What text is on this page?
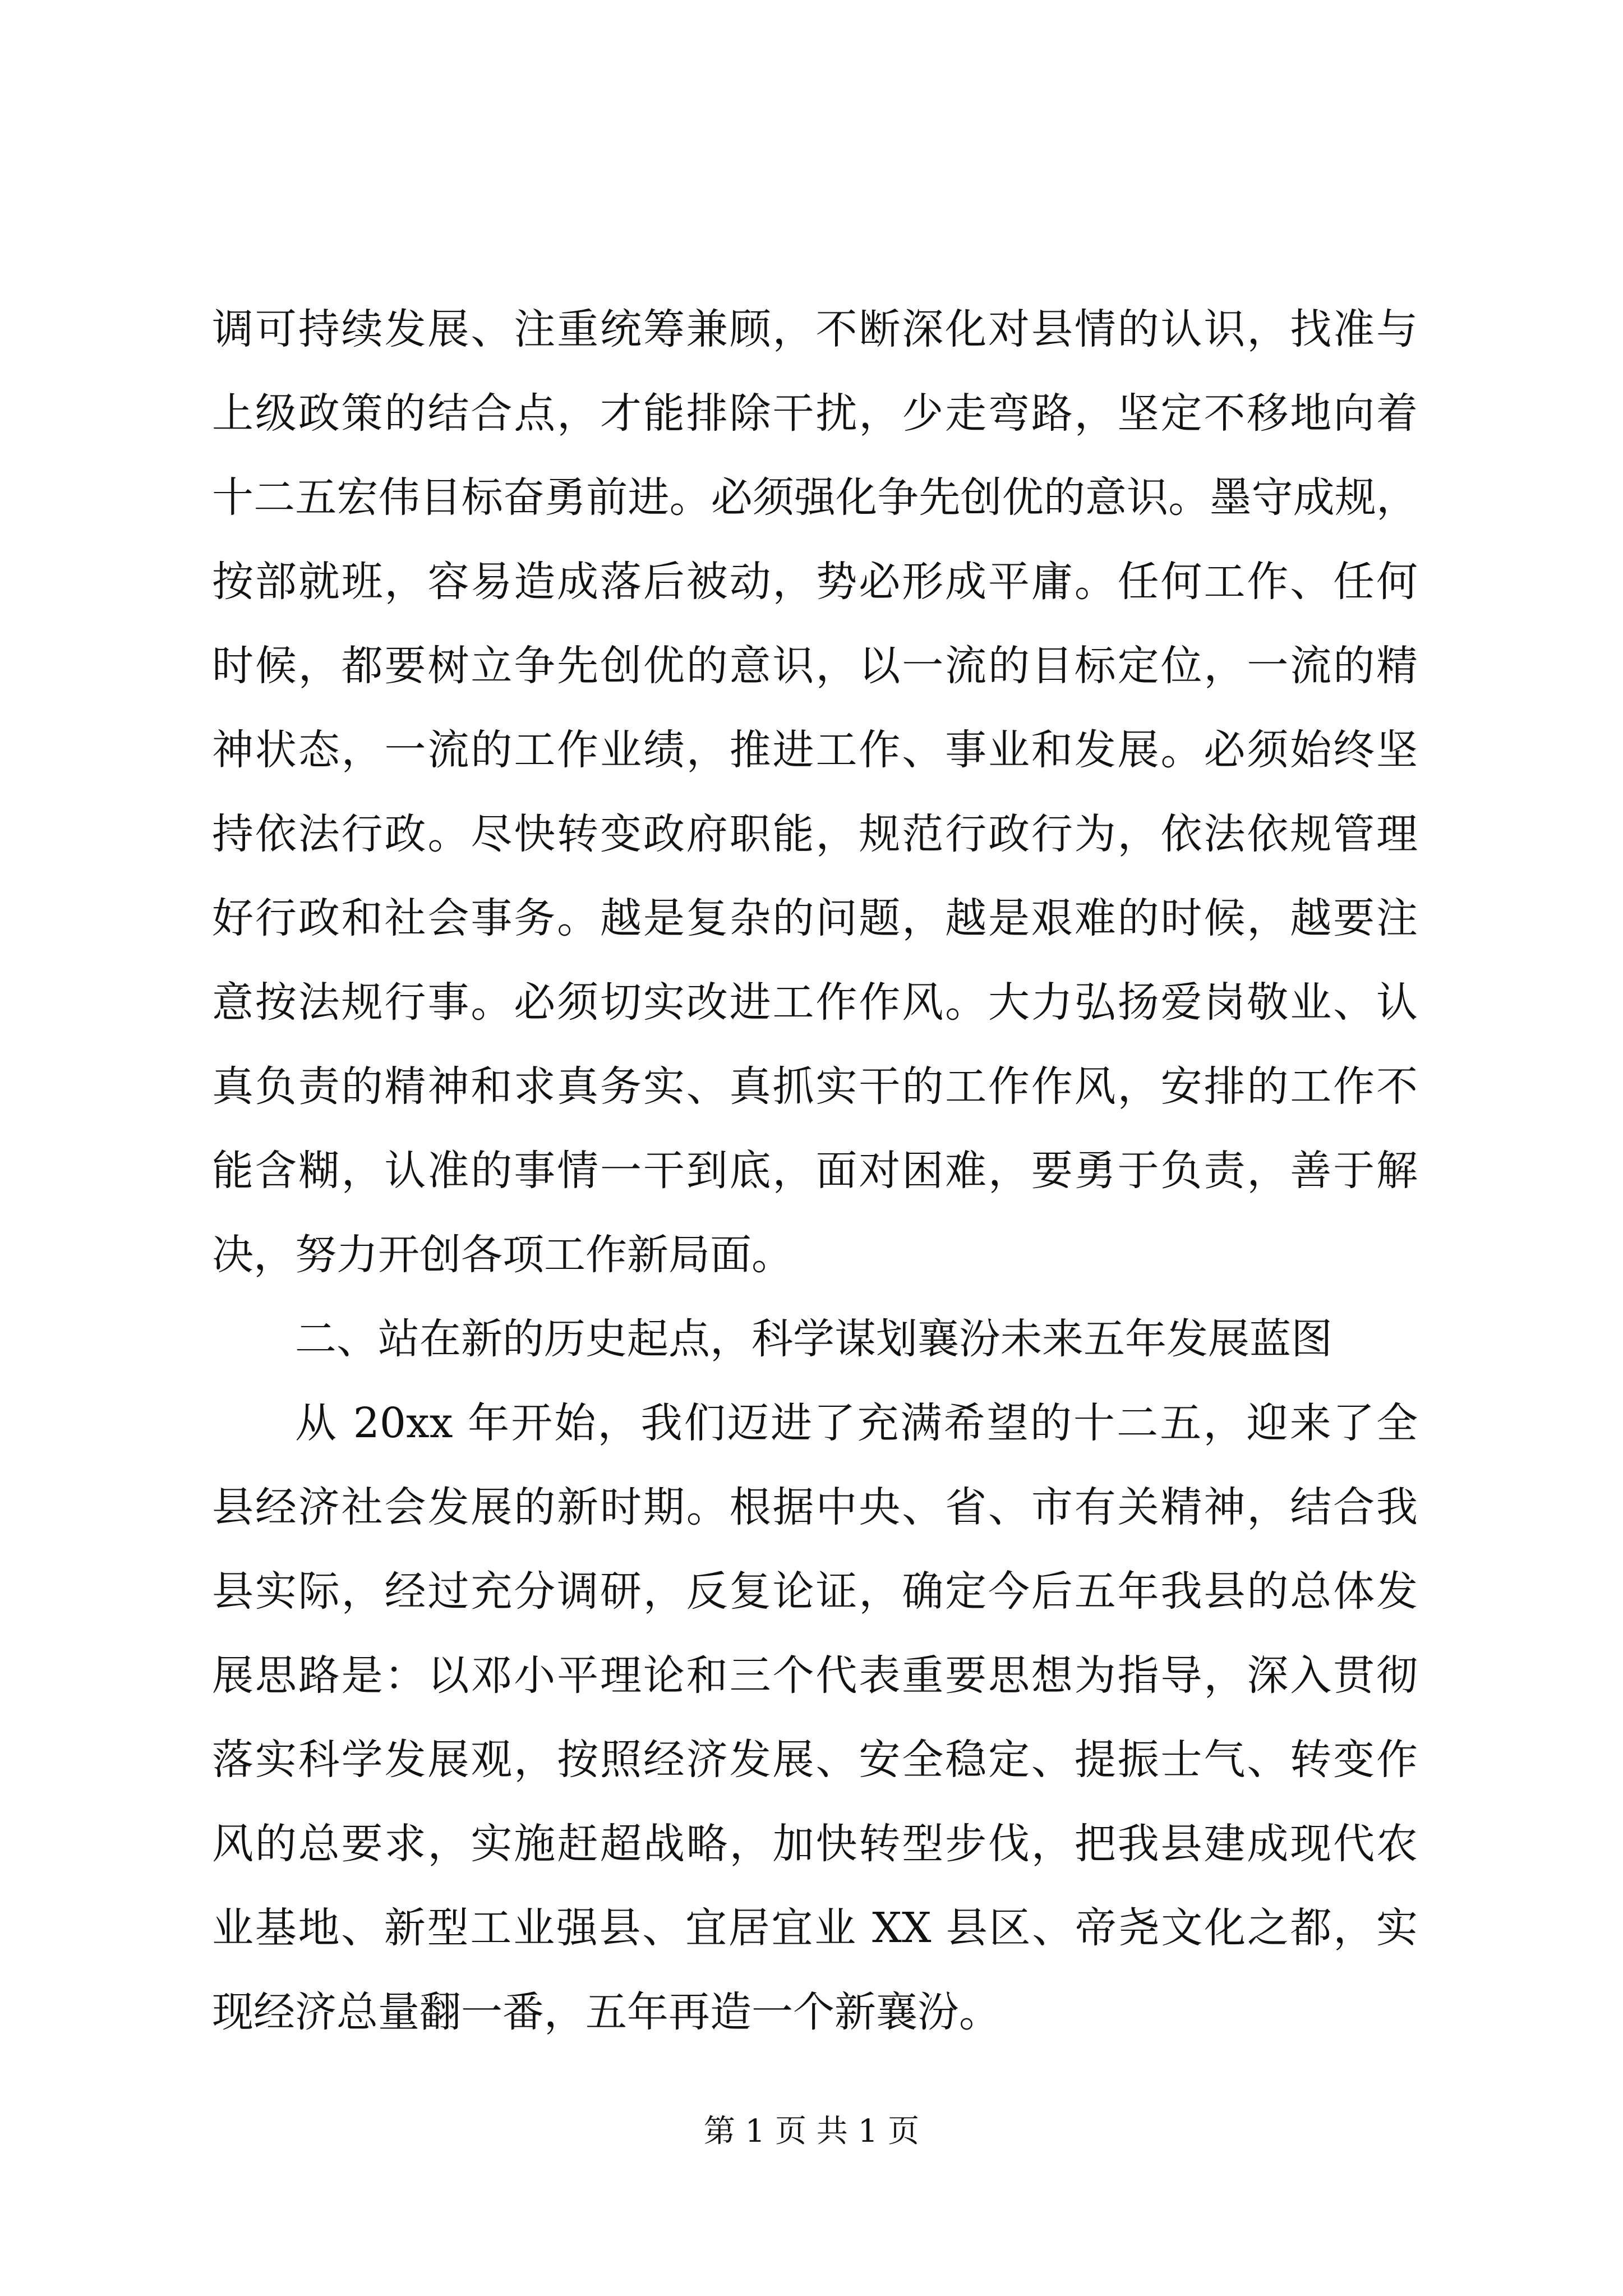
调可持续发展、注重统筹兼顾，不断深化对县情的认识，找准与
上级政策的结合点，才能排除干扰，少走弯路，坚定不移地向着
十二五宏伟目标奋勇前进。必须强化争先创优的意识。墨守成规，
按部就班，容易造成落后被动，势必形成平庸。任何工作、任何
时候，都要树立争先创优的意识，以一流的目标定位，一流的精
神状态，一流的工作业绩，推进工作、事业和发展。必须始终坚
持依法行政。尽快转变政府职能，规范行政行为，依法依规管理
好行政和社会事务。越是复杂的问题，越是艰难的时候，越要注
意按法规行事。必须切实改进工作作风。大力弘扬爱岗敬业、认
真负责的精神和求真务实、真抓实干的工作作风，安排的工作不
能含糊，认准的事情一干到底，面对困难，要勇于负责，善于解
决，努力开创各项工作新局面。
二、站在新的历史起点，科学谋划襄汾未来五年发展蓝图
从 20xx 年开始，我们迈进了充满希望的十二五，迎来了全
县经济社会发展的新时期。根据中央、省、市有关精神，结合我
县实际，经过充分调研，反复论证，确定今后五年我县的总体发
展思路是：以邓小平理论和三个代表重要思想为指导，深入贯彻
落实科学发展观，按照经济发展、安全稳定、提振士气、转变作
风的总要求，实施赶超战略，加快转型步伐，把我县建成现代农
业基地、新型工业强县、宜居宜业 XX 县区、帝尧文化之都，实
现经济总量翻一番，五年再造一个新襄汾。
第 1 页 共 1 页
